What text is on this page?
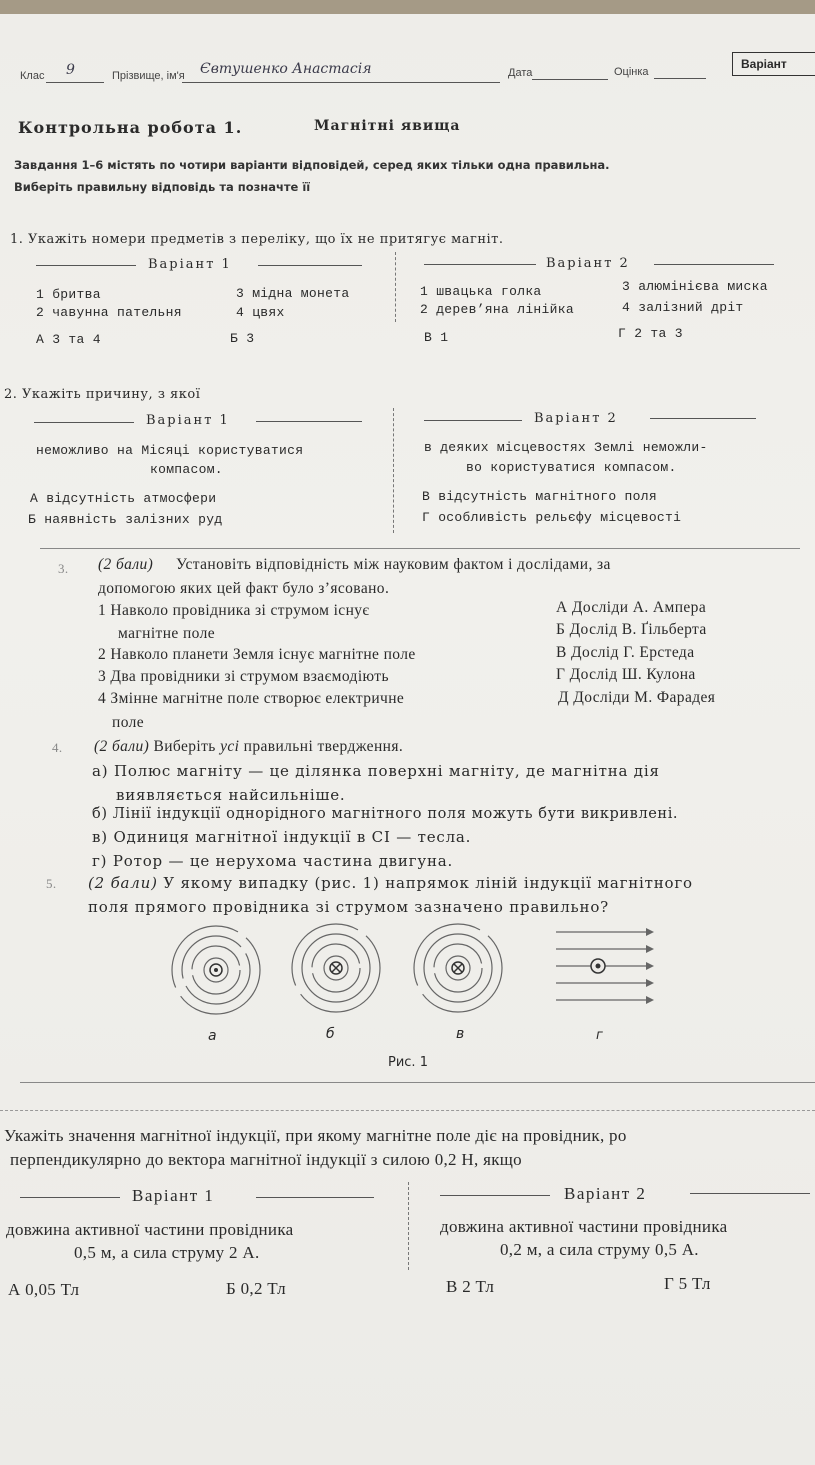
Клас 9	Прізвище, ім'я Євтушенко Анастасія	Дата	Оцінка
Варіант
Контрольна робота 1.	Магнітні явища
Завдання 1–6 містять по чотири варіанти відповідей, серед яких тільки одна правильна.
Виберіть правильну відповідь та позначте її
1. Укажіть номери предметів з переліку, що їх не притягує магніт.
Варіант 1	Варіант 2
1 бритва
2 чавунна пательня
3 мідна монета
4 цвях
1 швацька голка
2 дерев’яна лінійка
3 алюмінієва миска
4 залізний дріт
А 3 та 4	Б 3	В 1	Г 2 та 3
2. Укажіть причину, з якої
Варіант 1	Варіант 2
неможливо на Місяці користуватися
компасом.
в деяких місцевостях Землі неможли-
во користуватися компасом.
А відсутність атмосфери
Б наявність залізних руд
В відсутність магнітного поля
Г особливість рельєфу місцевості
3. (2 бали) Установіть відповідність між науковим фактом і дослідами, за
допомогою яких цей факт було з’ясовано.
1 Навколо провідника зі струмом існує
магнітне поле
2 Навколо планети Земля існує магнітне поле
3 Два провідники зі струмом взаємодіють
4 Змінне магнітне поле створює електричне
поле
А Досліди А. Ампера
Б Дослід В. Ґільберта
В Дослід Г. Ерстеда
Г Дослід Ш. Кулона
Д Досліди М. Фарадея
4. (2 бали) Виберіть усі правильні твердження.
а) Полюс магніту — це ділянка поверхні магніту, де магнітна дія
виявляється найсильніше.
б) Лінії індукції однорідного магнітного поля можуть бути викривлені.
в) Одиниця магнітної індукції в СІ — тесла.
г) Ротор — це нерухома частина двигуна.
5. (2 бали) У якому випадку (рис. 1) напрямок ліній індукції магнітного
поля прямого провідника зі струмом зазначено правильно?
а	б	в	г
Рис. 1
Укажіть значення магнітної індукції, при якому магнітне поле діє на провідник, ро
перпендикулярно до вектора магнітної індукції з силою 0,2 Н, якщо
Варіант 1	Варіант 2
довжина активної частини провідника
0,5 м, а сила струму 2 А.
довжина активної частини провідника
0,2 м, а сила струму 0,5 А.
А 0,05 Тл	Б 0,2 Тл	В 2 Тл	Г 5 Тл
